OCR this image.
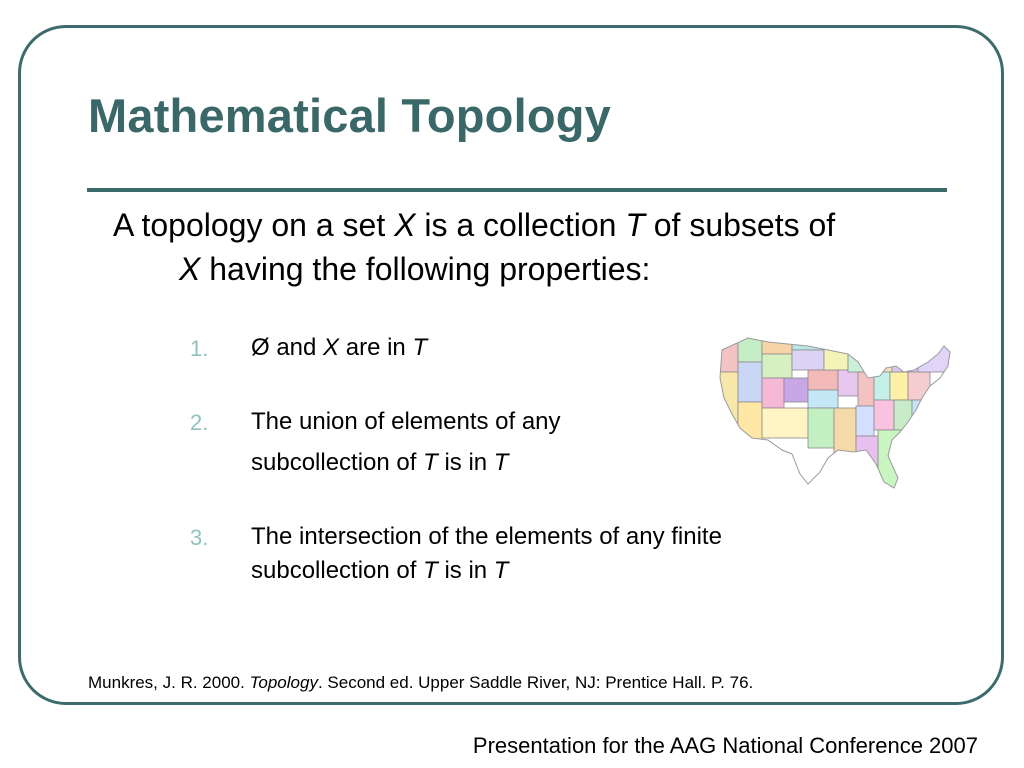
Mathematical Topology
A topology on a set X is a collection T of subsets of
X having the following properties:
1. Ø and X are in T
2. The union of elements of any
subcollection of T is in T
3. The intersection of the elements of any finite
subcollection of T is in T
Munkres, J. R. 2000. Topology. Second ed. Upper Saddle River, NJ: Prentice Hall. P. 76.
Presentation for the AAG National Conference 2007
